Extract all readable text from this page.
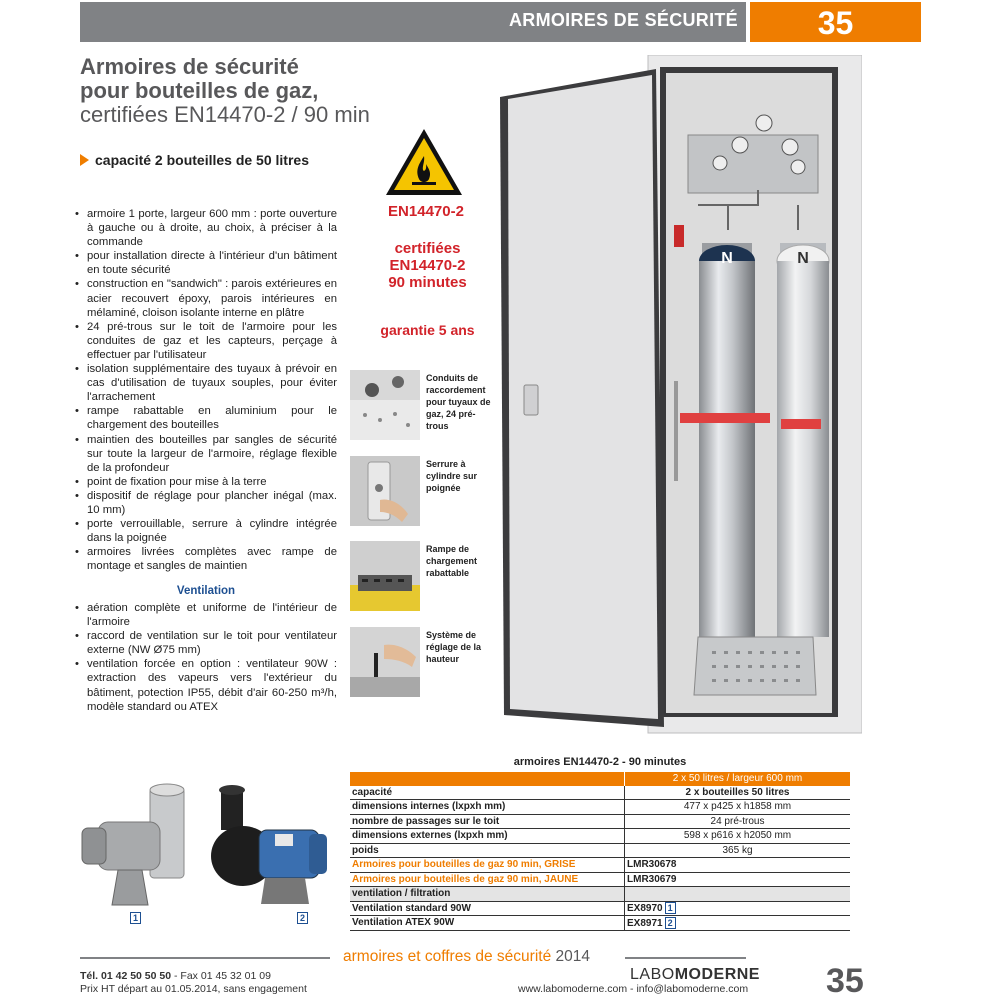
ARMOIRES DE SÉCURITÉ	35
Armoires de sécurité
pour bouteilles de gaz,
certifiées EN14470-2 / 90 min
capacité 2 bouteilles de 50 litres
EN14470-2
certifiées
EN14470-2
90 minutes
garantie 5 ans
• armoire 1 porte, largeur 600 mm : porte ouverture à gauche ou à droite, au choix, à préciser à la commande
• pour installation directe à l'intérieur d'un bâtiment en toute sécurité
• construction en "sandwich" : parois extérieures en acier recouvert époxy, parois intérieures en mélaminé, cloison isolante interne en plâtre
• 24 pré-trous sur le toit de l'armoire pour les conduites de gaz et les capteurs, perçage à effectuer par l'utilisateur
• isolation supplémentaire des tuyaux à prévoir en cas d'utilisation de tuyaux souples, pour éviter l'arrachement
• rampe rabattable en aluminium pour le chargement des bouteilles
• maintien des bouteilles par sangles de sécurité sur toute la largeur de l'armoire, réglage flexible de la profondeur
• point de fixation pour mise à la terre
• dispositif de réglage pour plancher inégal (max. 10 mm)
• porte verrouillable, serrure à cylindre intégrée dans la poignée
• armoires livrées complètes avec rampe de montage et sangles de maintien
Ventilation
• aération complète et uniforme de l'intérieur de l'armoire
• raccord de ventilation sur le toit pour ventilateur externe (NW Ø75 mm)
• ventilation forcée en option : ventilateur 90W : extraction des vapeurs vers l'extérieur du bâtiment, potection IP55, débit d'air 60-250 m³/h, modèle standard ou ATEX
Conduits de raccordement pour tuyaux de gaz, 24 pré-trous
Serrure à cylindre sur poignée
Rampe de chargement rabattable
Système de réglage de la hauteur
N	N
armoires EN14470-2 - 90 minutes
	2 x 50 litres / largeur 600 mm
capacité	2 x bouteilles 50 litres
dimensions internes (lxpxh mm)	477 x p425 x h1858 mm
nombre de passages sur le toit	24 pré-trous
dimensions externes (lxpxh mm)	598 x p616 x h2050 mm
poids	365 kg
Armoires pour bouteilles de gaz 90 min, GRISE	LMR30678
Armoires pour bouteilles de gaz 90 min, JAUNE	LMR30679
ventilation / filtration	
Ventilation standard 90W	EX8970 1
Ventilation ATEX 90W	EX8971 2
1	2
armoires et coffres de sécurité 2014
Tél. 01 42 50 50 50 - Fax 01 45 32 01 09
Prix HT départ au 01.05.2014, sans engagement
LABOMODERNE
www.labomoderne.com - info@labomoderne.com 35
